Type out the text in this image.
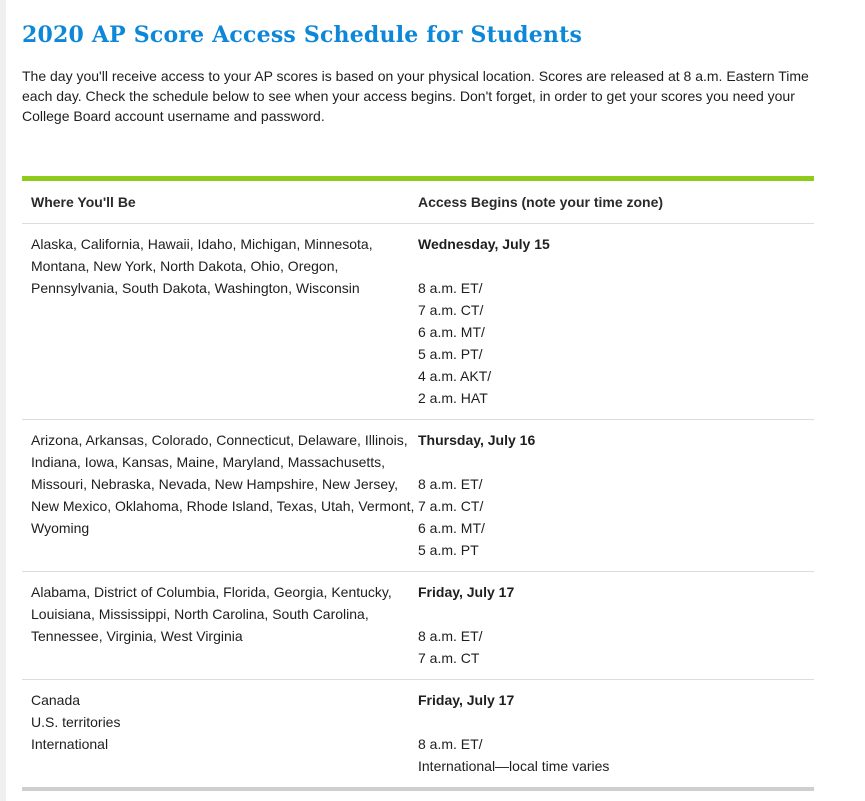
2020 AP Score Access Schedule for Students

The day you'll receive access to your AP scores is based on your physical location. Scores are released at 8 a.m. Eastern Time each day. Check the schedule below to see when your access begins. Don't forget, in order to get your scores you need your College Board account username and password.

Where You'll Be	Access Begins (note your time zone)
Alaska, California, Hawaii, Idaho, Michigan, Minnesota, Montana, New York, North Dakota, Ohio, Oregon, Pennsylvania, South Dakota, Washington, Wisconsin
Wednesday, July 15
8 a.m. ET/
7 a.m. CT/
6 a.m. MT/
5 a.m. PT/
4 a.m. AKT/
2 a.m. HAT
Arizona, Arkansas, Colorado, Connecticut, Delaware, Illinois, Indiana, Iowa, Kansas, Maine, Maryland, Massachusetts, Missouri, Nebraska, Nevada, New Hampshire, New Jersey, New Mexico, Oklahoma, Rhode Island, Texas, Utah, Vermont, Wyoming
Thursday, July 16
8 a.m. ET/
7 a.m. CT/
6 a.m. MT/
5 a.m. PT
Alabama, District of Columbia, Florida, Georgia, Kentucky, Louisiana, Mississippi, North Carolina, South Carolina, Tennessee, Virginia, West Virginia
Friday, July 17
8 a.m. ET/
7 a.m. CT
Canada
U.S. territories
International
Friday, July 17
8 a.m. ET/
International—local time varies
